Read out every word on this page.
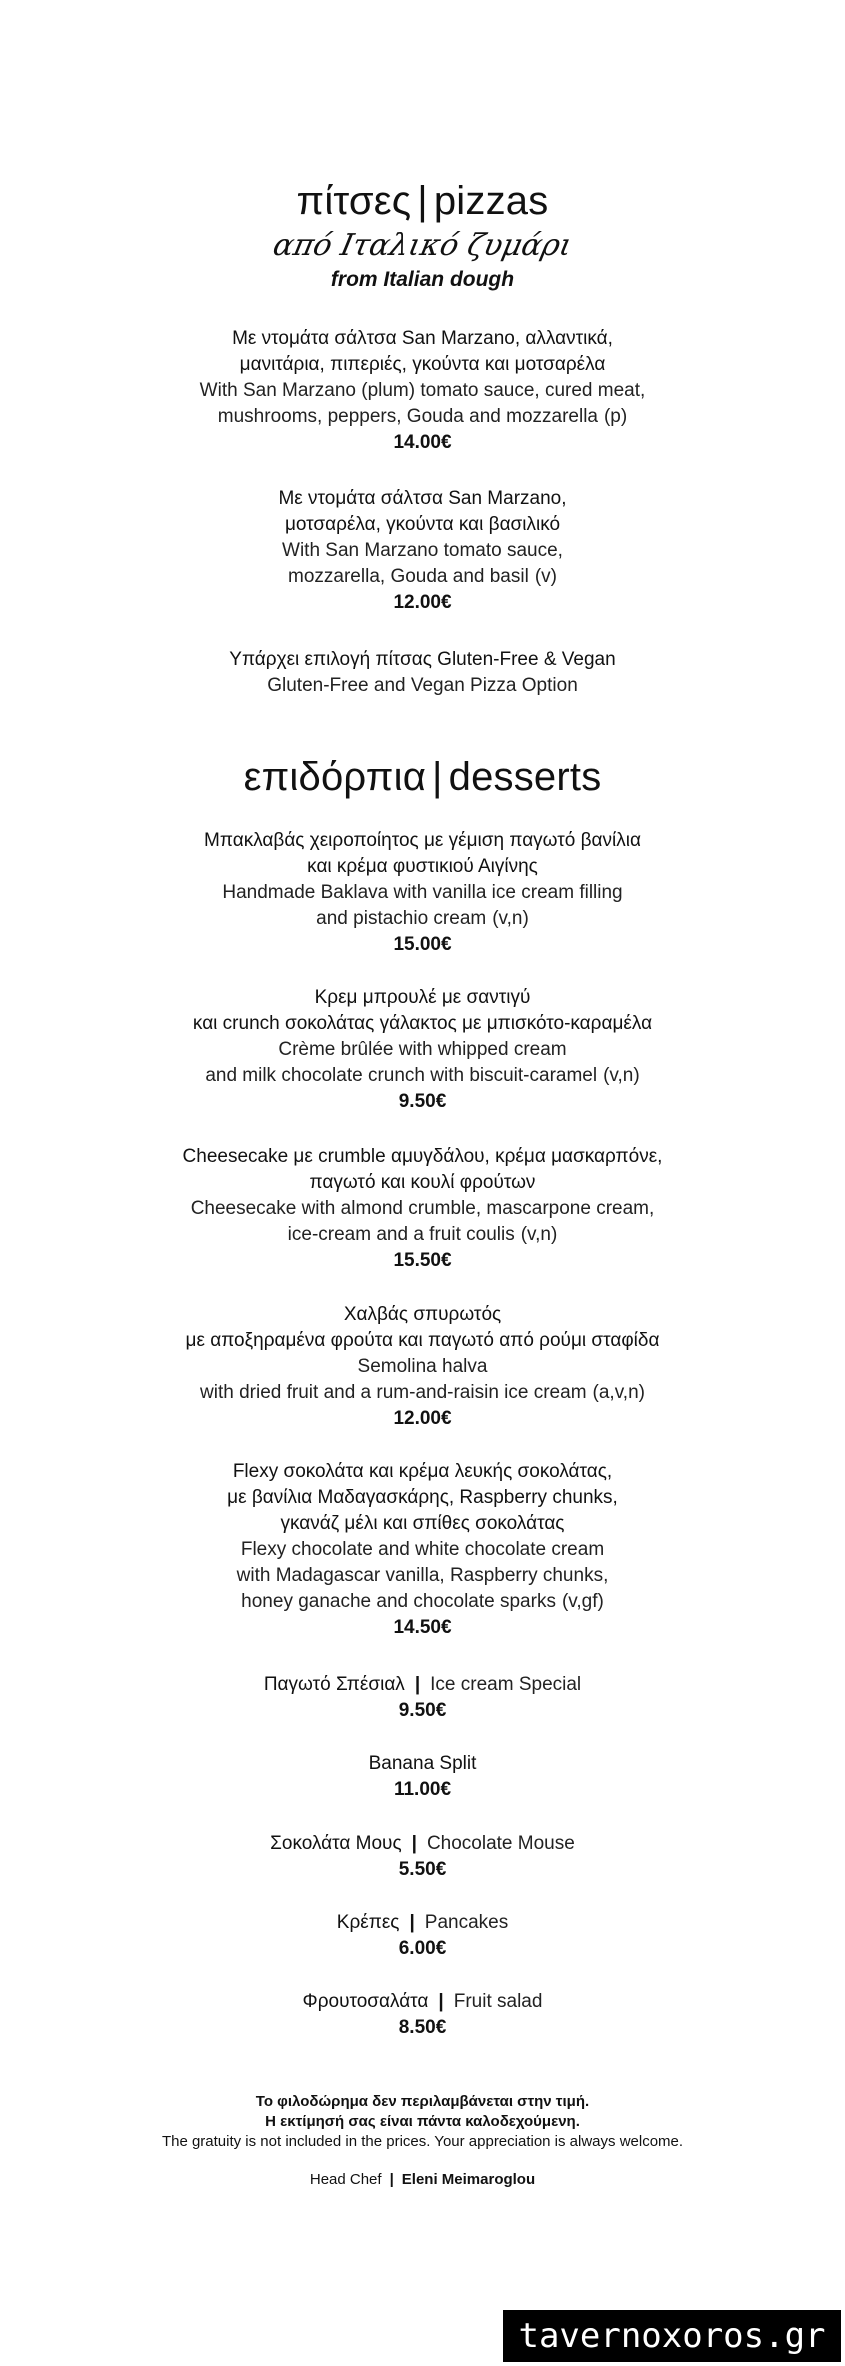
πίτσες | pizzas
από Ιταλικό ζυμάρι
from Italian dough
Με ντομάτα σάλτσα San Marzano, αλλαντικά,
μανιτάρια, πιπεριές, γκούντα και μοτσαρέλα
With San Marzano (plum) tomato sauce, cured meat,
mushrooms, peppers, Gouda and mozzarella (p)
14.00€
Με ντομάτα σάλτσα San Marzano,
μοτσαρέλα, γκούντα και βασιλικό
With San Marzano tomato sauce,
mozzarella, Gouda and basil (v)
12.00€
Υπάρχει επιλογή πίτσας Gluten-Free & Vegan
Gluten-Free and Vegan Pizza Option
επιδόρπια | desserts
Μπακλαβάς χειροποίητος με γέμιση παγωτό βανίλια
και κρέμα φυστικιού Αιγίνης
Handmade Baklava with vanilla ice cream filling
and pistachio cream (v,n)
15.00€
Κρεμ μπρουλέ με σαντιγύ
και crunch σοκολάτας γάλακτος με μπισκότο-καραμέλα
Crème brûlée with whipped cream
and milk chocolate crunch with biscuit-caramel (v,n)
9.50€
Cheesecake με crumble αμυγδάλου, κρέμα μασκαρπόνε,
παγωτό και κουλί φρούτων
Cheesecake with almond crumble, mascarpone cream,
ice-cream and a fruit coulis (v,n)
15.50€
Χαλβάς σπυρωτός
με αποξηραμένα φρούτα και παγωτό από ρούμι σταφίδα
Semolina halva
with dried fruit and a rum-and-raisin ice cream (a,v,n)
12.00€
Flexy σοκολάτα και κρέμα λευκής σοκολάτας,
με βανίλια Μαδαγασκάρης, Raspberry chunks,
γκανάζ μέλι και σπίθες σοκολάτας
Flexy chocolate and white chocolate cream
with Madagascar vanilla, Raspberry chunks,
honey ganache and chocolate sparks (v,gf)
14.50€
Παγωτό Σπέσιαλ | Ice cream Special
9.50€
Banana Split
11.00€
Σοκολάτα Μους | Chocolate Mouse
5.50€
Κρέπες | Pancakes
6.00€
Φρουτοσαλάτα | Fruit salad
8.50€
Το φιλοδώρημα δεν περιλαμβάνεται στην τιμή.
Η εκτίμησή σας είναι πάντα καλοδεχούμενη.
The gratuity is not included in the prices. Your appreciation is always welcome.
Head Chef | Eleni Meimaroglou
tavernoxoros.gr
